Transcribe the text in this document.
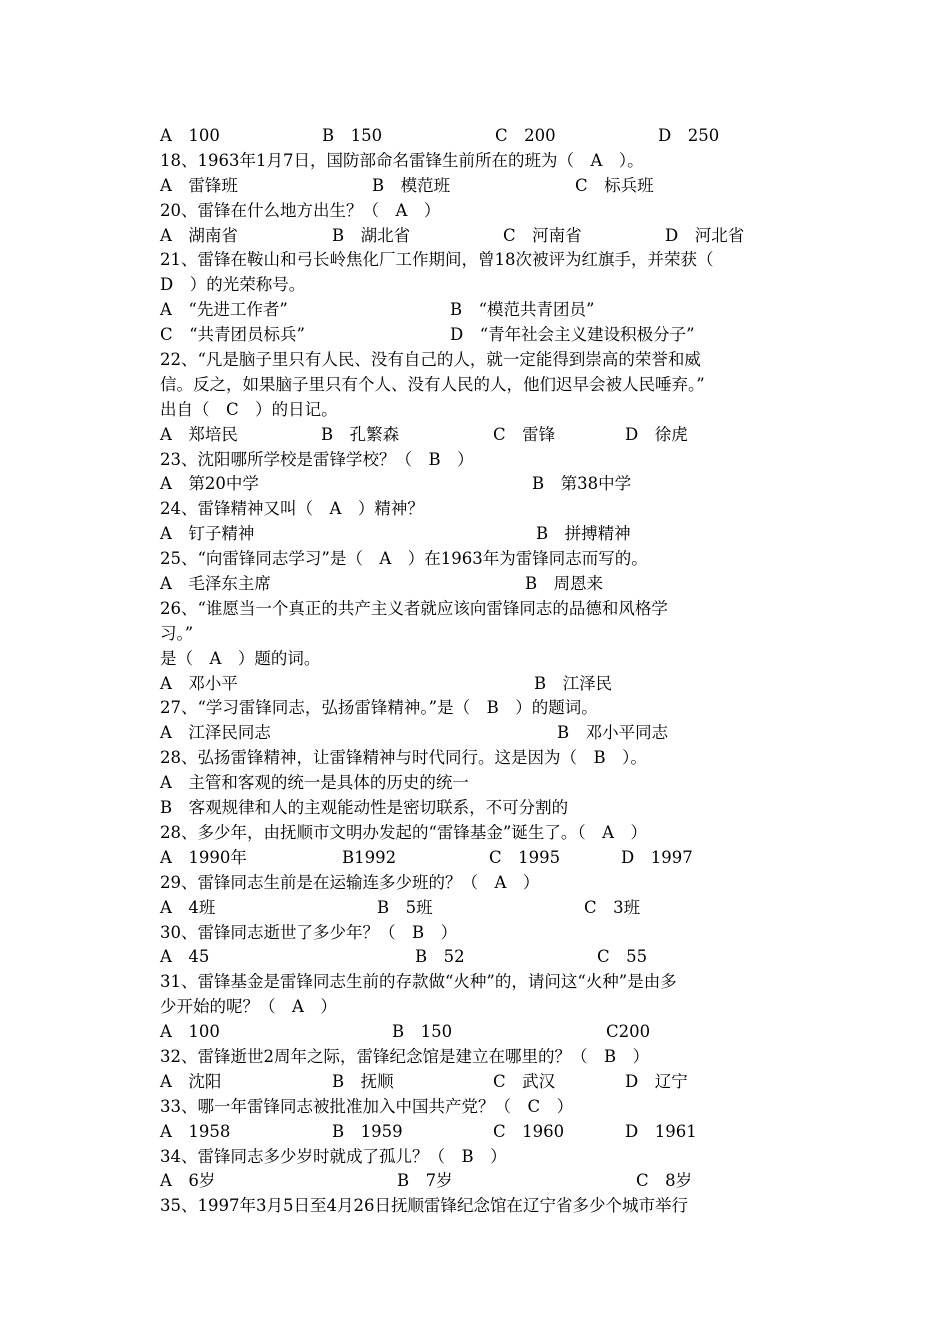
A　100	B　150	C　200	D　250
18、1963年1月7日，国防部命名雷锋生前所在的班为（　A　）。
A　雷锋班	B　模范班	C　标兵班
20、雷锋在什么地方出生？（　A　）
A　湖南省	B　湖北省	C　河南省	D　河北省
21、雷锋在鞍山和弓长岭焦化厂工作期间，曾18次被评为红旗手，并荣获（
D　）的光荣称号。
A　“先进工作者”	B　“模范共青团员”
C　“共青团员标兵”	D　“青年社会主义建设积极分子”
22、“凡是脑子里只有人民、没有自己的人，就一定能得到崇高的荣誉和威
信。反之，如果脑子里只有个人、没有人民的人，他们迟早会被人民唾弃。”
出自（　C　）的日记。
A　郑培民	B　孔繁森	C　雷锋	D　徐虎
23、沈阳哪所学校是雷锋学校？（　B　）
A　第20中学	B　第38中学
24、雷锋精神又叫（　A　）精神？
A　钉子精神	B　拼搏精神
25、“向雷锋同志学习”是（　A　）在1963年为雷锋同志而写的。
A　毛泽东主席	B　周恩来
26、“谁愿当一个真正的共产主义者就应该向雷锋同志的品德和风格学
习。”
是（　A　）题的词。
A　邓小平	B　江泽民
27、“学习雷锋同志，弘扬雷锋精神。”是（　B　）的题词。
A　江泽民同志	B　邓小平同志
28、弘扬雷锋精神，让雷锋精神与时代同行。这是因为（　B　）。
A　主管和客观的统一是具体的历史的统一
B　客观规律和人的主观能动性是密切联系，不可分割的
28、多少年，由抚顺市文明办发起的“雷锋基金”诞生了。（　A　）
A　1990年	B1992	C　1995	D　1997
29、雷锋同志生前是在运输连多少班的？（　A　）
A　4班	B　5班	C　3班
30、雷锋同志逝世了多少年？（　B　）
A　45	B　52	C　55
31、雷锋基金是雷锋同志生前的存款做“火种”的，请问这“火种”是由多
少开始的呢？（　A　）
A　100	B　150	C200
32、雷锋逝世2周年之际，雷锋纪念馆是建立在哪里的？（　B　）
A　沈阳	B　抚顺	C　武汉	D　辽宁
33、哪一年雷锋同志被批准加入中国共产党？（　C　）
A　1958	B　1959	C　1960	D　1961
34、雷锋同志多少岁时就成了孤儿？（　B　）
A　6岁	B　7岁	C　8岁
35、1997年3月5日至4月26日抚顺雷锋纪念馆在辽宁省多少个城市举行
